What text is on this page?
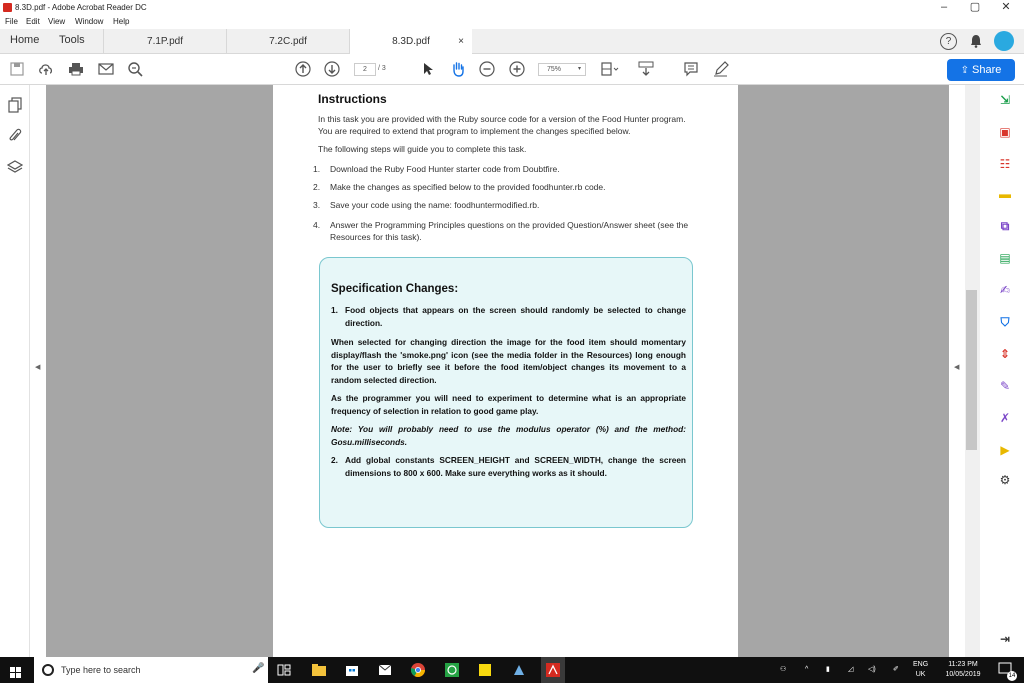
8.3D.pdf - Adobe Acrobat Reader DC	–	▢	✕
File Edit View Window Help
Home Tools	7.1P.pdf	7.2C.pdf	8.3D.pdf	×	?
2	/ 3	75%	▾	⇪ Share
◀	◀
Instructions
In this task you are provided with the Ruby source code for a version of the Food Hunter program. You are required to extend that program to implement the changes specified below.
The following steps will guide you to complete this task.
1. Download the Ruby Food Hunter starter code from Doubtfire.
2. Make the changes as specified below to the provided foodhunter.rb code.
3. Save your code using the name: foodhuntermodified.rb.
4. Answer the Programming Principles questions on the provided Question/Answer sheet (see the Resources for this task).
Specification Changes:
1. Food objects that appears on the screen should randomly be selected to change direction.
When selected for changing direction the image for the food item should momentary display/flash the 'smoke.png' icon (see the media folder in the Resources) long enough for the user to briefly see it before the food item/object changes its movement to a random selected direction.
As the programmer you will need to experiment to determine what is an appropriate frequency of selection in relation to good game play.
Note: You will probably need to use the modulus operator (%) and the method: Gosu.milliseconds.
2. Add global constants SCREEN_HEIGHT and SCREEN_WIDTH, change the screen dimensions to 800 x 600. Make sure everything works as it should.
⇲
▣
☷
▬
⧉
▤
✍
⛉
⇕
✎
✗
▶
⚙
⇥
Type here to search	🎤	⚇	^	▮	◿ ◁) ✐
ENG
UK
11:23 PM
10/05/2019	14
